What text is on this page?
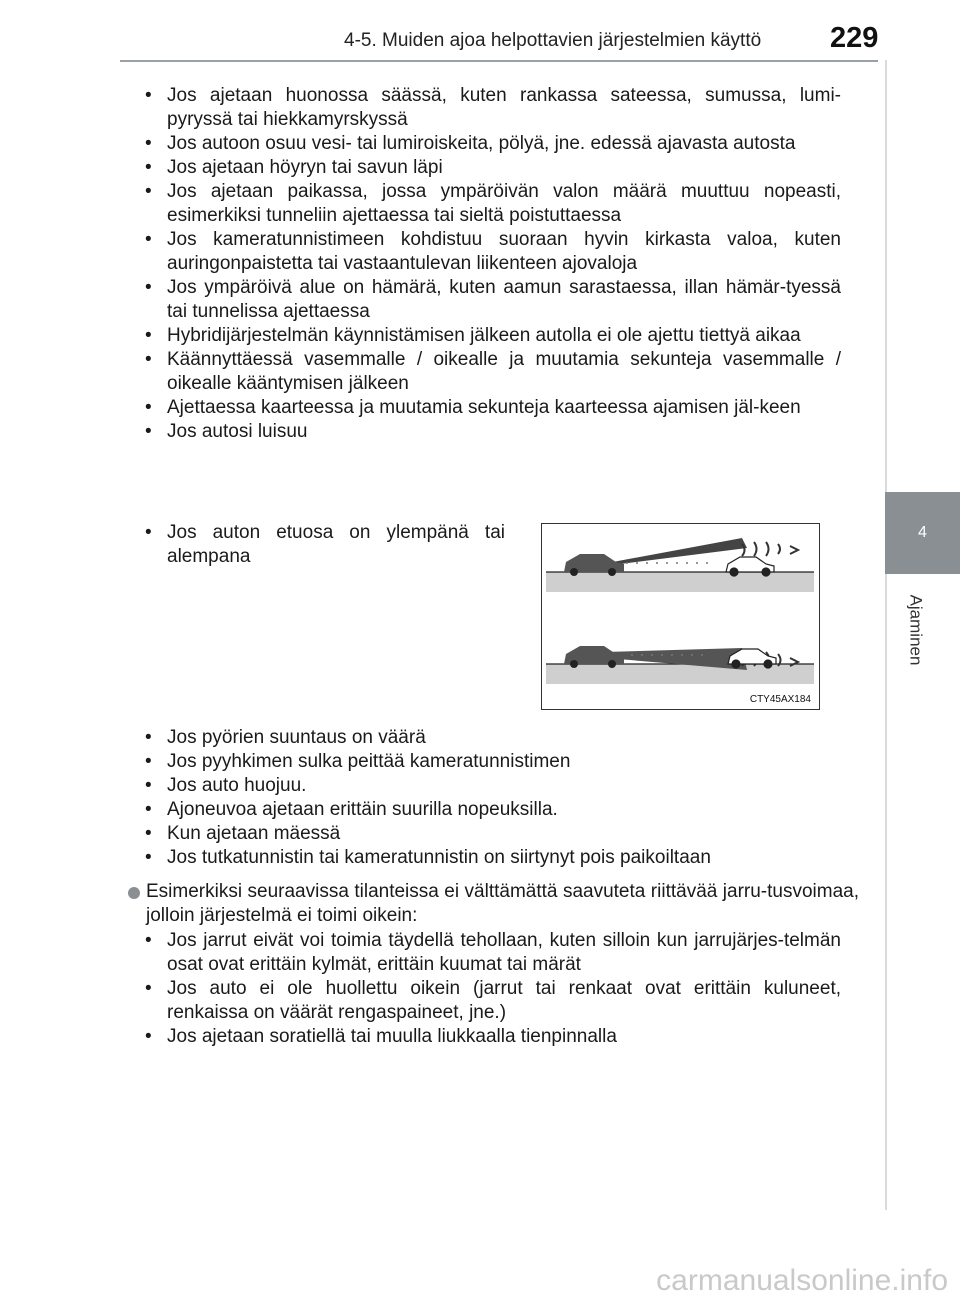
4-5. Muiden ajoa helpottavien järjestelmien käyttö 229
4
Ajaminen
• Jos ajetaan huonossa säässä, kuten rankassa sateessa, sumussa, lumi-pyryssä tai hiekkamyrskyssä
• Jos autoon osuu vesi- tai lumiroiskeita, pölyä, jne. edessä ajavasta autosta
• Jos ajetaan höyryn tai savun läpi
• Jos ajetaan paikassa, jossa ympäröivän valon määrä muuttuu nopeasti, esimerkiksi tunneliin ajettaessa tai sieltä poistuttaessa
• Jos kameratunnistimeen kohdistuu suoraan hyvin kirkasta valoa, kuten auringonpaistetta tai vastaantulevan liikenteen ajovaloja
• Jos ympäröivä alue on hämärä, kuten aamun sarastaessa, illan hämär-tyessä tai tunnelissa ajettaessa
• Hybridijärjestelmän käynnistämisen jälkeen autolla ei ole ajettu tiettyä aikaa
• Käännyttäessä vasemmalle / oikealle ja muutamia sekunteja vasemmalle / oikealle kääntymisen jälkeen
• Ajettaessa kaarteessa ja muutamia sekunteja kaarteessa ajamisen jäl-keen
• Jos autosi luisuu
• Jos auton etuosa on ylempänä tai alempana
CTY45AX184
• Jos pyörien suuntaus on väärä
• Jos pyyhkimen sulka peittää kameratunnistimen
• Jos auto huojuu.
• Ajoneuvoa ajetaan erittäin suurilla nopeuksilla.
• Kun ajetaan mäessä
• Jos tutkatunnistin tai kameratunnistin on siirtynyt pois paikoiltaan
Esimerkiksi seuraavissa tilanteissa ei välttämättä saavuteta riittävää jarru-tusvoimaa, jolloin järjestelmä ei toimi oikein:
• Jos jarrut eivät voi toimia täydellä tehollaan, kuten silloin kun jarrujärjes-telmän osat ovat erittäin kylmät, erittäin kuumat tai märät
• Jos auto ei ole huollettu oikein (jarrut tai renkaat ovat erittäin kuluneet, renkaissa on väärät rengaspaineet, jne.)
• Jos ajetaan soratiellä tai muulla liukkaalla tienpinnalla
carmanualsonline.info
